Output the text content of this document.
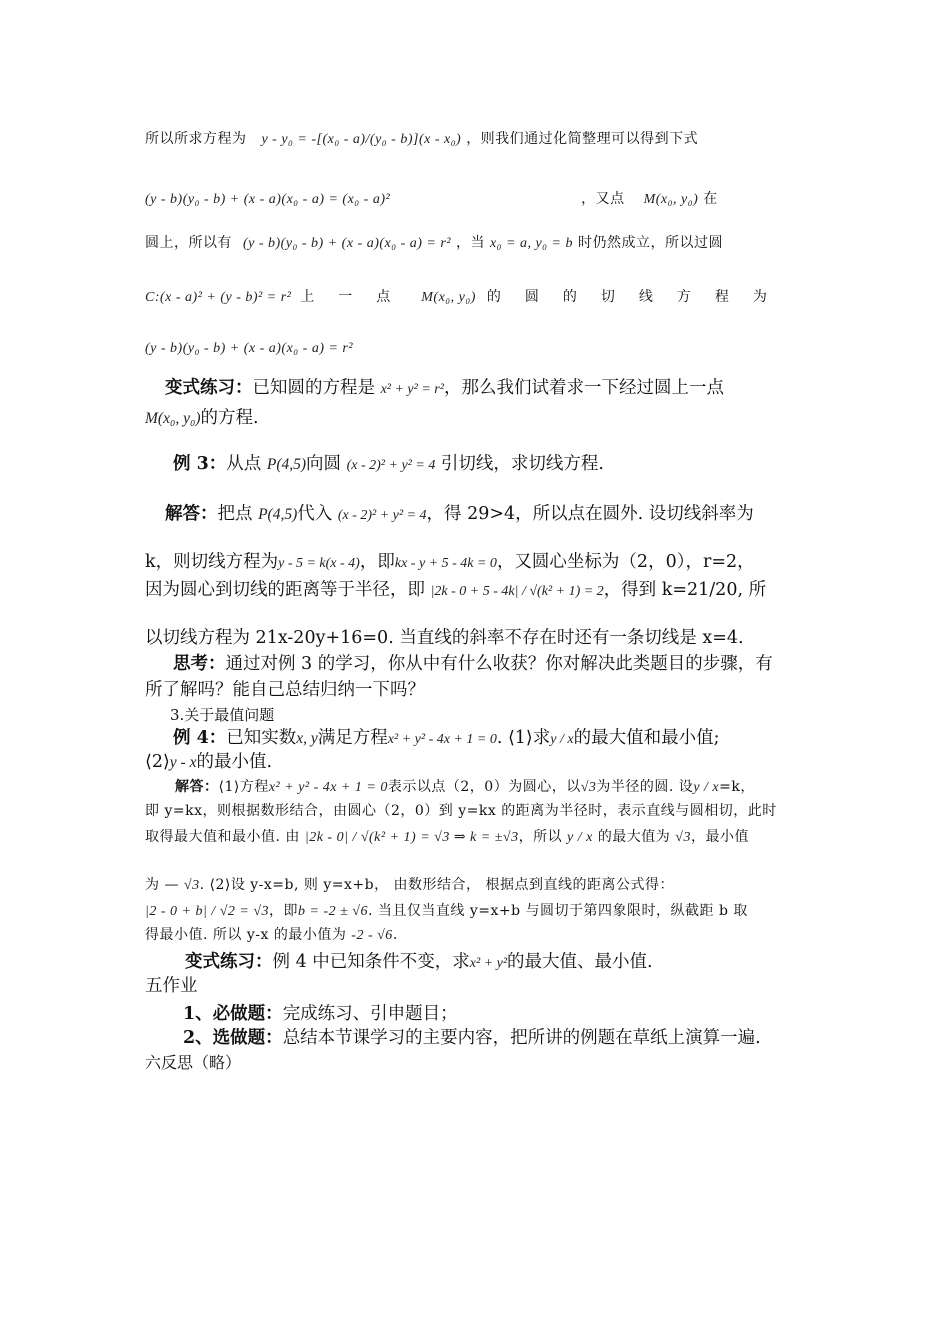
所以所求方程为 y - y₀ = -[(x₀ - a)/(y₀ - b)](x - x₀) ，则我们通过化简整理可以得到下式
(y - b)(y₀ - b) + (x - a)(x₀ - a) = (x₀ - a)²	，又点 M(x₀, y₀) 在
圆上，所以有 (y - b)(y₀ - b) + (x - a)(x₀ - a) = r² ，当 x₀ = a, y₀ = b 时仍然成立，所以过圆
C:(x - a)² + (y - b)² = r² 上一点 M(x₀, y₀) 的圆的切线方程为
(y - b)(y₀ - b) + (x - a)(x₀ - a) = r²
变式练习：已知圆的方程是 x² + y² = r²，那么我们试着求一下经过圆上一点
M(x₀, y₀)的方程.
例 3：从点 P(4,5)向圆 (x - 2)² + y² = 4 引切线，求切线方程.
解答：把点 P(4,5)代入 (x - 2)² + y² = 4，得 29>4，所以点在圆外. 设切线斜率为
k，则切线方程为y - 5 = k(x - 4)，即kx - y + 5 - 4k = 0，又圆心坐标为（2，0），r=2，
因为圆心到切线的距离等于半径，即 |2k - 0 + 5 - 4k| / √(k² + 1) = 2，得到 k=21/20, 所
以切线方程为 21x-20y+16=0. 当直线的斜率不存在时还有一条切线是 x=4.
思考：通过对例 3 的学习，你从中有什么收获？你对解决此类题目的步骤，有
所了解吗？能自己总结归纳一下吗？
3.关于最值问题
例 4：已知实数x, y满足方程x² + y² - 4x + 1 = 0. ⟨1⟩求y / x的最大值和最小值;
⟨2⟩y - x的最小值.
解答：⟨1⟩方程x² + y² - 4x + 1 = 0表示以点（2，0）为圆心，以√3为半径的圆. 设y / x=k，
即 y=kx，则根据数形结合，由圆心（2，0）到 y=kx 的距离为半径时，表示直线与圆相切，此时
取得最大值和最小值. 由 |2k - 0| / √(k² + 1) = √3 ⇒ k = ±√3，所以 y / x 的最大值为 √3，最小值
为 — √3. ⟨2⟩设 y-x=b, 则 y=x+b， 由数形结合， 根据点到直线的距离公式得：
|2 - 0 + b| / √2 = √3，即b = -2 ± √6. 当且仅当直线 y=x+b 与圆切于第四象限时，纵截距 b 取
得最小值. 所以 y-x 的最小值为 -2 - √6.
变式练习：例 4 中已知条件不变，求x² + y²的最大值、最小值.
五作业
1、必做题：完成练习、引申题目；
2、选做题：总结本节课学习的主要内容，把所讲的例题在草纸上演算一遍.
六反思（略）
